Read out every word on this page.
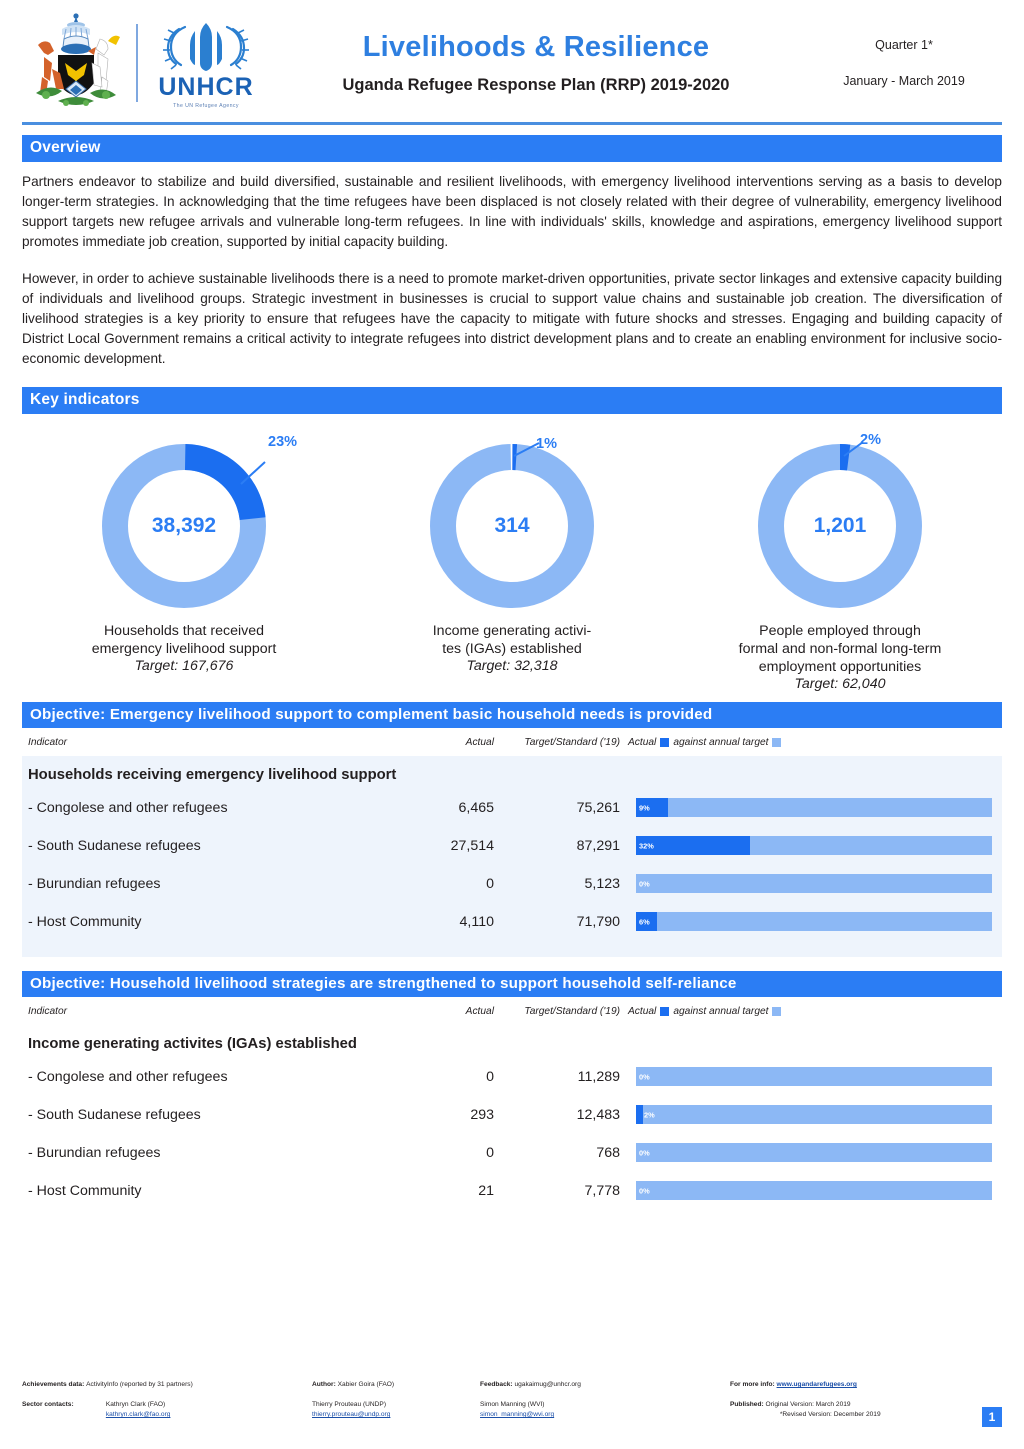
UNHCR
The UN Refugee Agency
Livelihoods & Resilience
Uganda Refugee Response Plan (RRP) 2019-2020
Quarter 1*
January - March 2019
Overview
Partners endeavor to stabilize and build diversified, sustainable and resilient livelihoods, with emergency livelihood interventions serving as a basis to develop longer-term strategies. In acknowledging that the time refugees have been displaced is not closely related with their degree of vulnerability, emergency livelihood support targets new refugee arrivals and vulnerable long-term refugees. In line with individuals' skills, knowledge and aspirations, emergency livelihood support promotes immediate job creation, supported by initial capacity building.
However, in order to achieve sustainable livelihoods there is a need to promote market-driven opportunities, private sector linkages and extensive capacity building of individuals and livelihood groups. Strategic investment in businesses is crucial to support value chains and sustainable job creation. The diversification of livelihood strategies is a key priority to ensure that refugees have the capacity to mitigate with future shocks and stresses. Engaging and building capacity of District Local Government remains a critical activity to integrate refugees into district development plans and to create an enabling environment for inclusive socio-economic development.
Key indicators
23%
38,392
Households that received
emergency livelihood support
Target: 167,676
1%
314
Income generating activi-
tes (IGAs) established
Target: 32,318
2%
1,201
People employed through
formal and non-formal long-term
employment opportunities
Target: 62,040
Objective: Emergency livelihood support to complement basic household needs is provided
Indicator	Actual	Target/Standard ('19) Actual against annual target
Households receiving emergency livelihood support
- Congolese and other refugees	6,465	75,261	9%
- South Sudanese refugees	27,514	87,291	32%
- Burundian refugees	0	5,123	0%
- Host Community	4,110	71,790	6%
Objective: Household livelihood strategies are strengthened to support household self-reliance
Indicator	Actual	Target/Standard ('19) Actual against annual target
Income generating activites (IGAs) established
- Congolese and other refugees	0	11,289	0%
- South Sudanese refugees	293	12,483	2%
- Burundian refugees	0	768	0%
- Host Community	21	7,778	0%
Achievements data: ActivityInfo (reported by 31 partners)	Author: Xabier Goira (FAO)	Feedback: ugakaimug@unhcr.org	For more info: www.ugandarefugees.org
Sector contacts:	Kathryn Clark (FAO)
kathryn.clark@fao.org
Thierry Prouteau (UNDP)
thierry.prouteau@undp.org
Simon Manning (WVI)
simon_manning@wvi.org
Published: Original Version: March 2019
*Revised Version: December 2019	1
